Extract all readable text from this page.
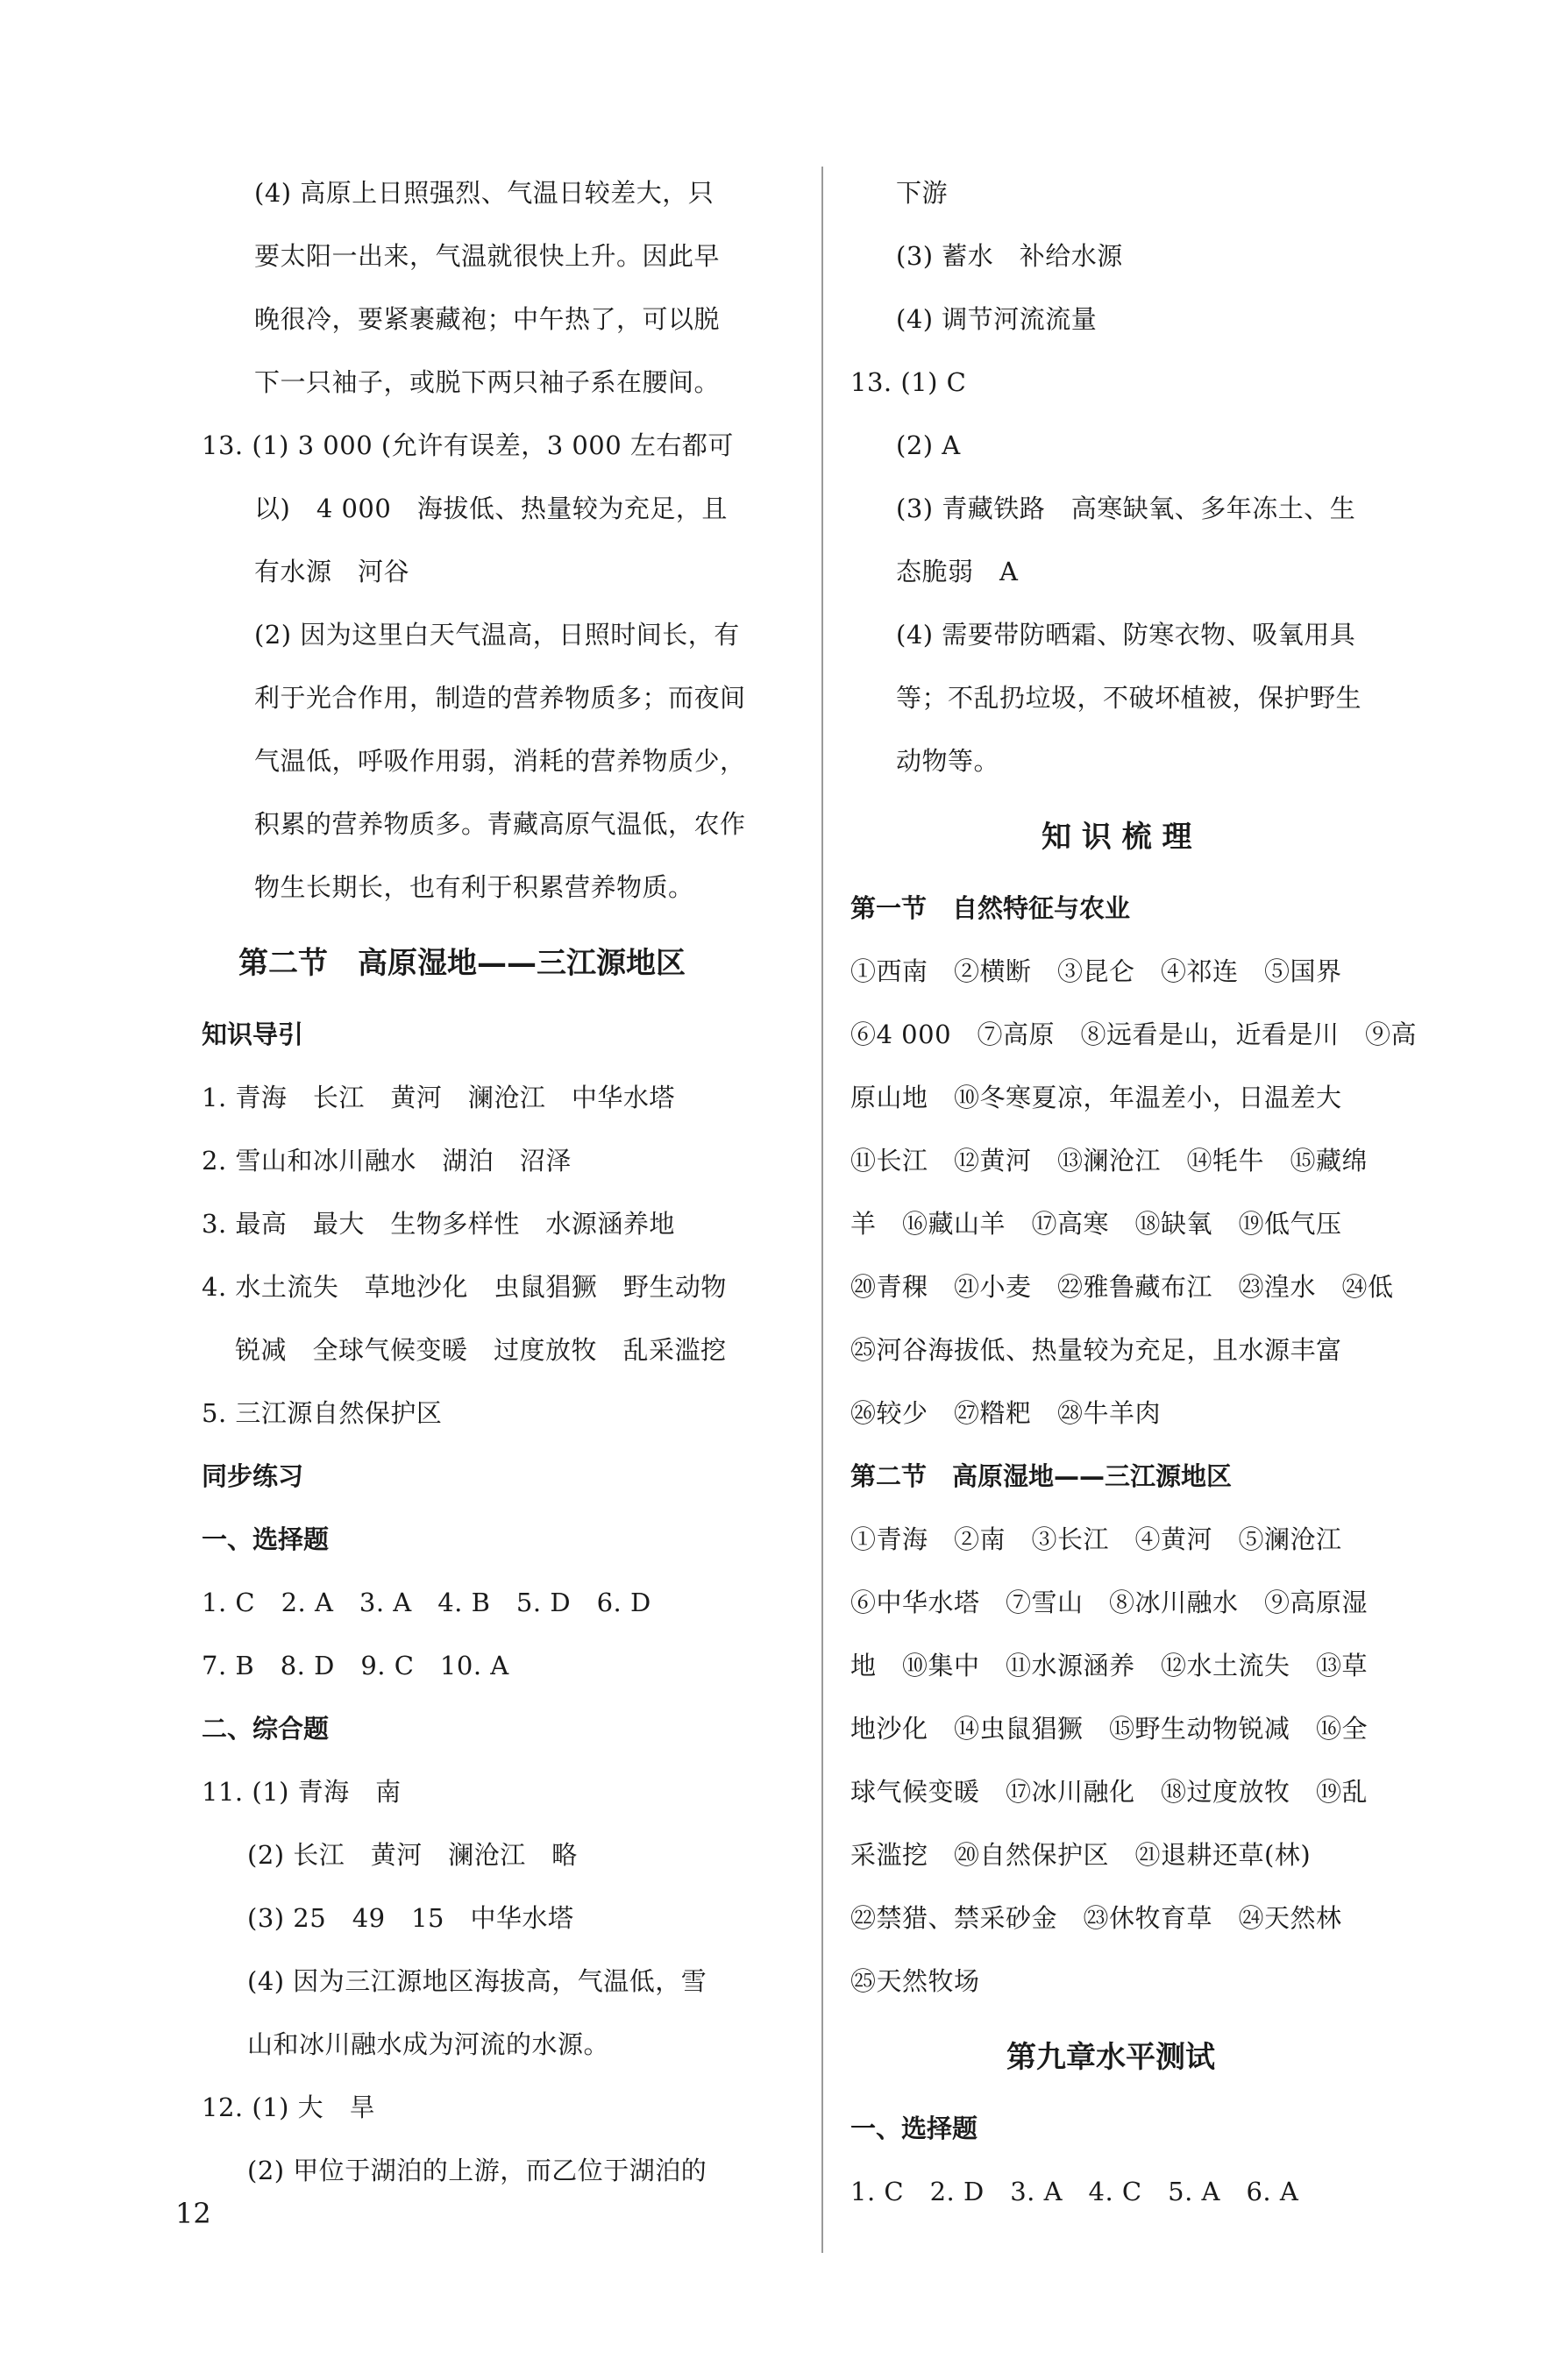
(4) 高原上日照强烈、气温日较差大，只
要太阳一出来，气温就很快上升。因此早
晚很冷，要紧裹藏袍；中午热了，可以脱
下一只袖子，或脱下两只袖子系在腰间。
13. (1) 3 000 (允许有误差，3 000 左右都可
以)　4 000　海拔低、热量较为充足，且
有水源　河谷
(2) 因为这里白天气温高，日照时间长，有
利于光合作用，制造的营养物质多；而夜间
气温低，呼吸作用弱，消耗的营养物质少，
积累的营养物质多。青藏高原气温低，农作
物生长期长，也有利于积累营养物质。
第二节　高原湿地——三江源地区
知识导引
1. 青海　长江　黄河　澜沧江　中华水塔
2. 雪山和冰川融水　湖泊　沼泽
3. 最高　最大　生物多样性　水源涵养地
4. 水土流失　草地沙化　虫鼠猖獗　野生动物
锐减　全球气候变暖　过度放牧　乱采滥挖
5. 三江源自然保护区
同步练习
一、选择题
1. C　2. A　3. A　4. B　5. D　6. D
7. B　8. D　9. C　10. A
二、综合题
11. (1) 青海　南
(2) 长江　黄河　澜沧江　略
(3) 25　49　15　中华水塔
(4) 因为三江源地区海拔高，气温低，雪
山和冰川融水成为河流的水源。
12. (1) 大　旱
(2) 甲位于湖泊的上游，而乙位于湖泊的
下游
(3) 蓄水　补给水源
(4) 调节河流流量
13. (1) C
(2) A
(3) 青藏铁路　高寒缺氧、多年冻土、生
态脆弱　A
(4) 需要带防晒霜、防寒衣物、吸氧用具
等；不乱扔垃圾，不破坏植被，保护野生
动物等。
知 识 梳 理
第一节　自然特征与农业
①西南　②横断　③昆仑　④祁连　⑤国界
⑥4 000　⑦高原　⑧远看是山，近看是川　⑨高
原山地　⑩冬寒夏凉，年温差小，日温差大
⑪长江　⑫黄河　⑬澜沧江　⑭牦牛　⑮藏绵
羊　⑯藏山羊　⑰高寒　⑱缺氧　⑲低气压
⑳青稞　㉑小麦　㉒雅鲁藏布江　㉓湟水　㉔低
㉕河谷海拔低、热量较为充足，且水源丰富
㉖较少　㉗糌粑　㉘牛羊肉
第二节　高原湿地——三江源地区
①青海　②南　③长江　④黄河　⑤澜沧江
⑥中华水塔　⑦雪山　⑧冰川融水　⑨高原湿
地　⑩集中　⑪水源涵养　⑫水土流失　⑬草
地沙化　⑭虫鼠猖獗　⑮野生动物锐减　⑯全
球气候变暖　⑰冰川融化　⑱过度放牧　⑲乱
采滥挖　⑳自然保护区　㉑退耕还草(林)
㉒禁猎、禁采砂金　㉓休牧育草　㉔天然林
㉕天然牧场
第九章水平测试
一、选择题
1. C　2. D　3. A　4. C　5. A　6. A
12
